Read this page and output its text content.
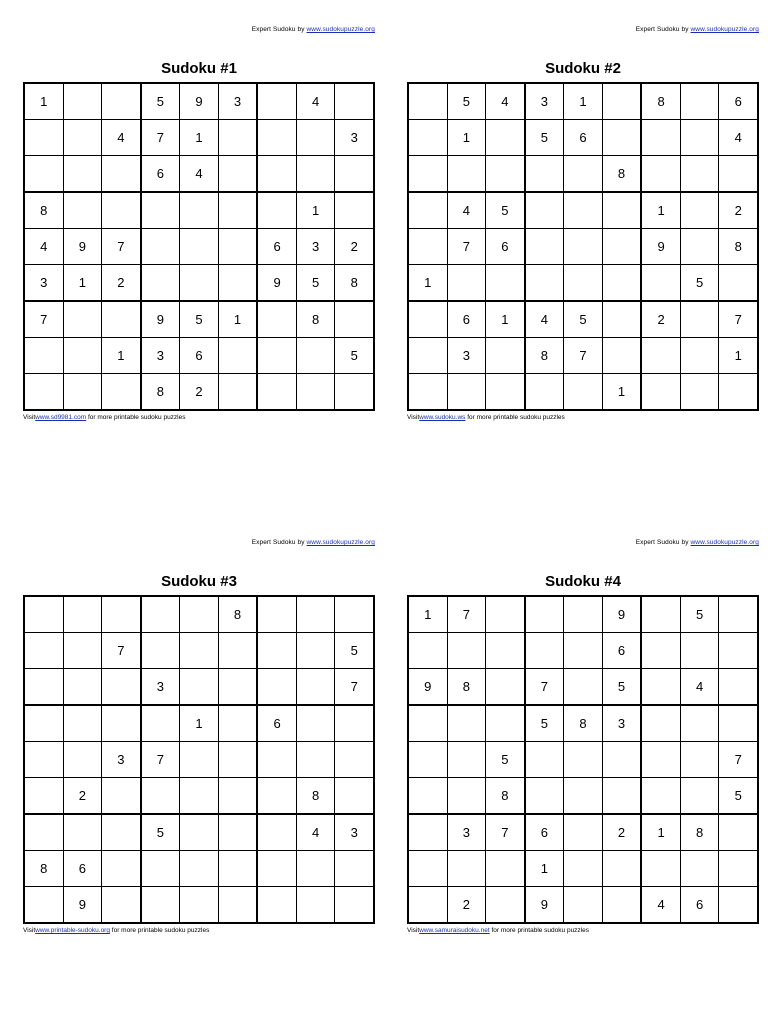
Expert Sudoku by www.sudokupuzzle.org
Sudoku #1
1			5	9	3		4	
		4	7	1				3
			6	4				
8							1	
4	9	7				6	3	2
3	1	2				9	5	8
7			9	5	1		8	
		1	3	6				5
			8	2				
Visitwww.sd9981.com for more printable sudoku puzzles
Expert Sudoku by www.sudokupuzzle.org
Sudoku #2
	5	4	3	1		8		6
	1		5	6				4
					8			
	4	5				1		2
	7	6				9		8
1							5	
	6	1	4	5		2		7
	3		8	7				1
					1			
Visitwww.sudoku.ws for more printable sudoku puzzles
Expert Sudoku by www.sudokupuzzle.org
Sudoku #3
					8			
		7						5
			3					7
				1		6		
		3	7					
	2						8	
			5				4	3
8	6							
	9							
Visitwww.printable-sudoku.org for more printable sudoku puzzles
Expert Sudoku by www.sudokupuzzle.org
Sudoku #4
1	7				9		5	
					6			
9	8		7		5		4	
			5	8	3			
		5						7
		8						5
	3	7	6		2	1	8	
			1					
	2		9			4	6	
Visitwww.samuraisudoku.net for more printable sudoku puzzles
